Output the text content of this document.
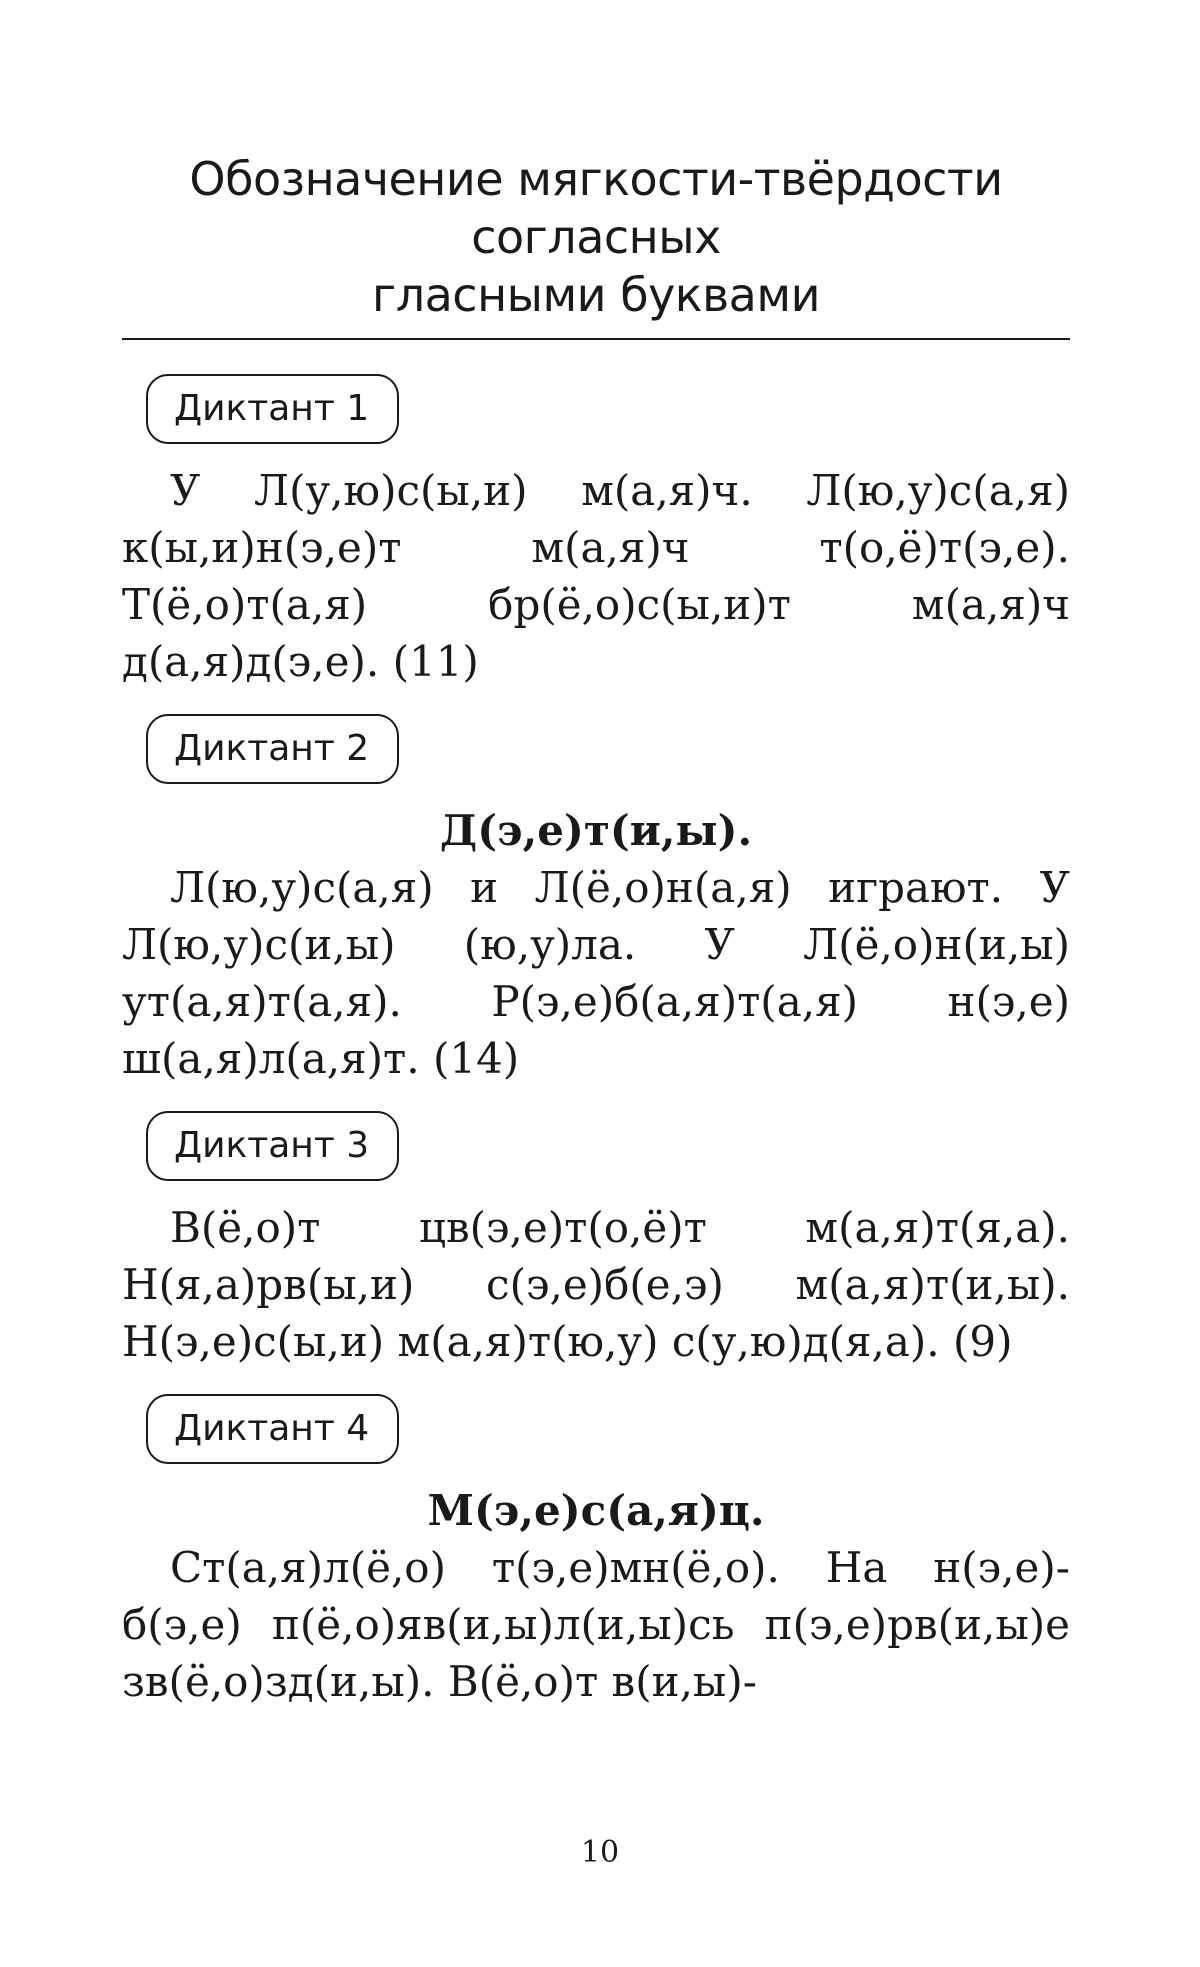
Обозначение мягкости-твёрдости

согласных

гласными буквами

Диктант 1

У Л(у,ю)с(ы,и) м(а,я)ч. Л(ю,у)с(а,я) к(ы,и)н(э,е)т м(а,я)ч т(о,ё)т(э,е). Т(ё,о)т(а,я) бр(ё,о)с(ы,и)т м(а,я)ч д(а,я)д(э,е). (11)

Диктант 2

Д(э,е)т(и,ы).

Л(ю,у)с(а,я) и Л(ё,о)н(а,я) играют. У Л(ю,у)с(и,ы) (ю,у)ла. У Л(ё,о)н(и,ы) ут(а,я)т(а,я). Р(э,е)б(а,я)т(а,я) н(э,е) ш(а,я)л(а,я)т. (14)

Диктант 3

В(ё,о)т цв(э,е)т(о,ё)т м(а,я)т(я,а). Н(я,а)рв(ы,и) с(э,е)б(е,э) м(а,я)т(и,ы). Н(э,е)с(ы,и) м(а,я)т(ю,у) с(у,ю)д(я,а). (9)

Диктант 4

М(э,е)с(а,я)ц.

Ст(а,я)л(ё,о) т(э,е)мн(ё,о). На н(э,е)б(э,е) п(ё,о)яв(и,ы)л(и,ы)сь п(э,е)рв(и,ы)е зв(ё,о)зд(и,ы). В(ё,о)т в(и,ы)-

10
